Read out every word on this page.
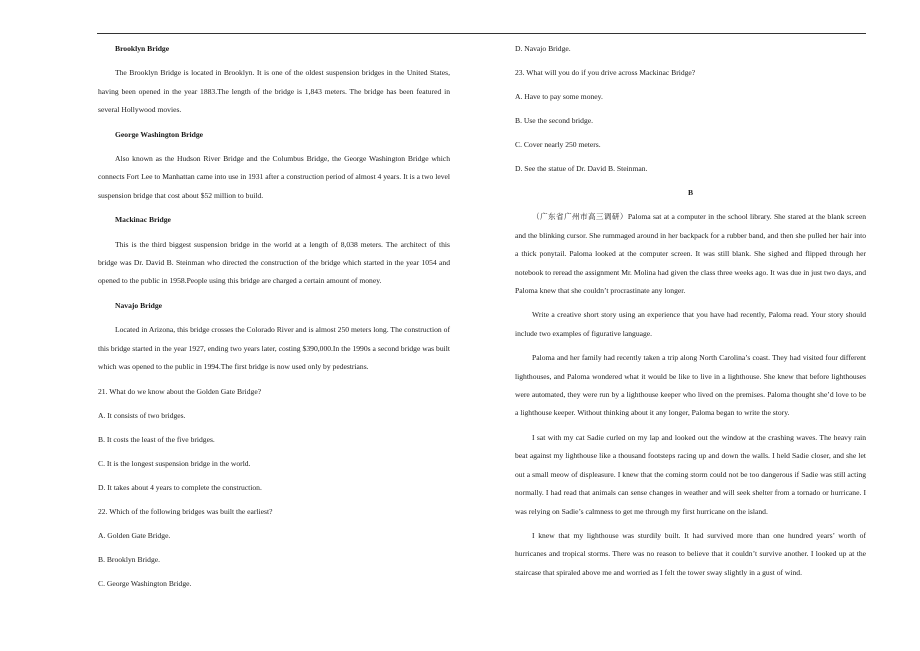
Brooklyn Bridge

The Brooklyn Bridge is located in Brooklyn. It is one of the oldest suspension bridges in the United States, having been opened in the year 1883.The length of the bridge is 1,843 meters. The bridge has been featured in several Hollywood movies.

George Washington Bridge

Also known as the Hudson River Bridge and the Columbus Bridge, the George Washington Bridge which connects Fort Lee to Manhattan came into use in 1931 after a construction period of almost 4 years. It is a two level suspension bridge that cost about $52 million to build.

Mackinac Bridge

This is the third biggest suspension bridge in the world at a length of 8,038 meters. The architect of this bridge was Dr. David B. Steinman who directed the construction of the bridge which started in the year 1054 and opened to the public in 1958.People using this bridge are charged a certain amount of money.

Navajo Bridge

Located in Arizona, this bridge crosses the Colorado River and is almost 250 meters long. The construction of this bridge started in the year 1927, ending two years later, costing $390,000.In the 1990s a second bridge was built which was opened to the public in 1994.The first bridge is now used only by pedestrians.

21. What do we know about the Golden Gate Bridge?

A. It consists of two bridges.

B. It costs the least of the five bridges.

C. It is the longest suspension bridge in the world.

D. It takes about 4 years to complete the construction.

22. Which of the following bridges was built the earliest?

A. Golden Gate Bridge.

B. Brooklyn Bridge.

C. George Washington Bridge.

D. Navajo Bridge.

23. What will you do if you drive across Mackinac Bridge?

A. Have to pay some money.

B. Use the second bridge.

C. Cover nearly 250 meters.

D. See the statue of Dr. David B. Steinman.

B

（广东省广州市高三调研）Paloma sat at a computer in the school library. She stared at the blank screen and the blinking cursor. She rummaged around in her backpack for a rubber band, and then she pulled her hair into a thick ponytail. Paloma looked at the computer screen. It was still blank. She sighed and flipped through her notebook to reread the assignment Mr. Molina had given the class three weeks ago. It was due in just two days, and Paloma knew that she couldn’t procrastinate any longer.

Write a creative short story using an experience that you have had recently, Paloma read. Your story should include two examples of figurative language.

Paloma and her family had recently taken a trip along North Carolina’s coast. They had visited four different lighthouses, and Paloma wondered what it would be like to live in a lighthouse. She knew that before lighthouses were automated, they were run by a lighthouse keeper who lived on the premises. Paloma thought she’d love to be a lighthouse keeper. Without thinking about it any longer, Paloma began to write the story.

I sat with my cat Sadie curled on my lap and looked out the window at the crashing waves. The heavy rain beat against my lighthouse like a thousand footsteps racing up and down the walls. I held Sadie closer, and she let out a small meow of displeasure. I knew that the coming storm could not be too dangerous if Sadie was still acting normally. I had read that animals can sense changes in weather and will seek shelter from a tornado or hurricane. I was relying on Sadie’s calmness to get me through my first hurricane on the island.

I knew that my lighthouse was sturdily built. It had survived more than one hundred years’ worth of hurricanes and tropical storms. There was no reason to believe that it couldn’t survive another. I looked up at the staircase that spiraled above me and worried as I felt the tower sway slightly in a gust of wind.
